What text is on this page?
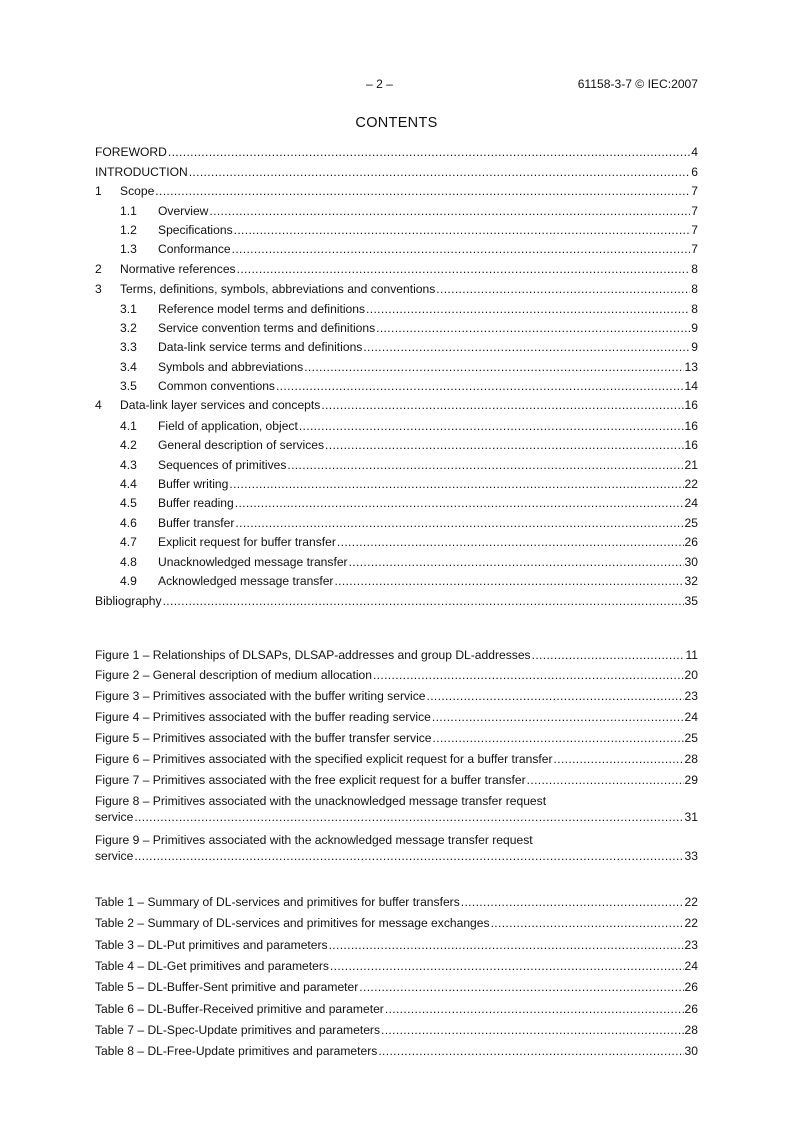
– 2 –	61158-3-7 © IEC:2007
CONTENTS
FOREWORD .....	4
INTRODUCTION .....	6
1	Scope .....	7
1.1	Overview .....	7
1.2	Specifications .....	7
1.3	Conformance .....	7
2	Normative references .....	8
3	Terms, definitions, symbols, abbreviations and conventions .....	8
3.1	Reference model terms and definitions .....	8
3.2	Service convention terms and definitions .....	9
3.3	Data-link service terms and definitions .....	9
3.4	Symbols and abbreviations .....	13
3.5	Common conventions .....	14
4	Data-link layer services and concepts .....	16
4.1	Field of application, object .....	16
4.2	General description of services .....	16
4.3	Sequences of primitives .....	21
4.4	Buffer writing .....	22
4.5	Buffer reading .....	24
4.6	Buffer transfer .....	25
4.7	Explicit request for buffer transfer .....	26
4.8	Unacknowledged message transfer .....	30
4.9	Acknowledged message transfer .....	32
Bibliography .....	35
Figure 1 – Relationships of DLSAPs, DLSAP-addresses and group DL-addresses .....	11
Figure 2 – General description of medium allocation .....	20
Figure 3 – Primitives associated with the buffer writing service .....	23
Figure 4 – Primitives associated with the buffer reading service .....	24
Figure 5 – Primitives associated with the buffer transfer service .....	25
Figure 6 – Primitives associated with the specified explicit request for a buffer transfer .....	28
Figure 7 – Primitives associated with the free explicit request for a buffer transfer .....	29
Figure 8 – Primitives associated with the unacknowledged message transfer request
service .....	31
Figure 9 – Primitives associated with the acknowledged message transfer request
service .....	33
Table 1 – Summary of DL-services and primitives for buffer transfers .....	22
Table 2 – Summary of DL-services and primitives for message exchanges .....	22
Table 3 – DL-Put primitives and parameters .....	23
Table 4 – DL-Get primitives and parameters .....	24
Table 5 – DL-Buffer-Sent primitive and parameter .....	26
Table 6 – DL-Buffer-Received primitive and parameter .....	26
Table 7 – DL-Spec-Update primitives and parameters .....	28
Table 8 – DL-Free-Update primitives and parameters .....	30
